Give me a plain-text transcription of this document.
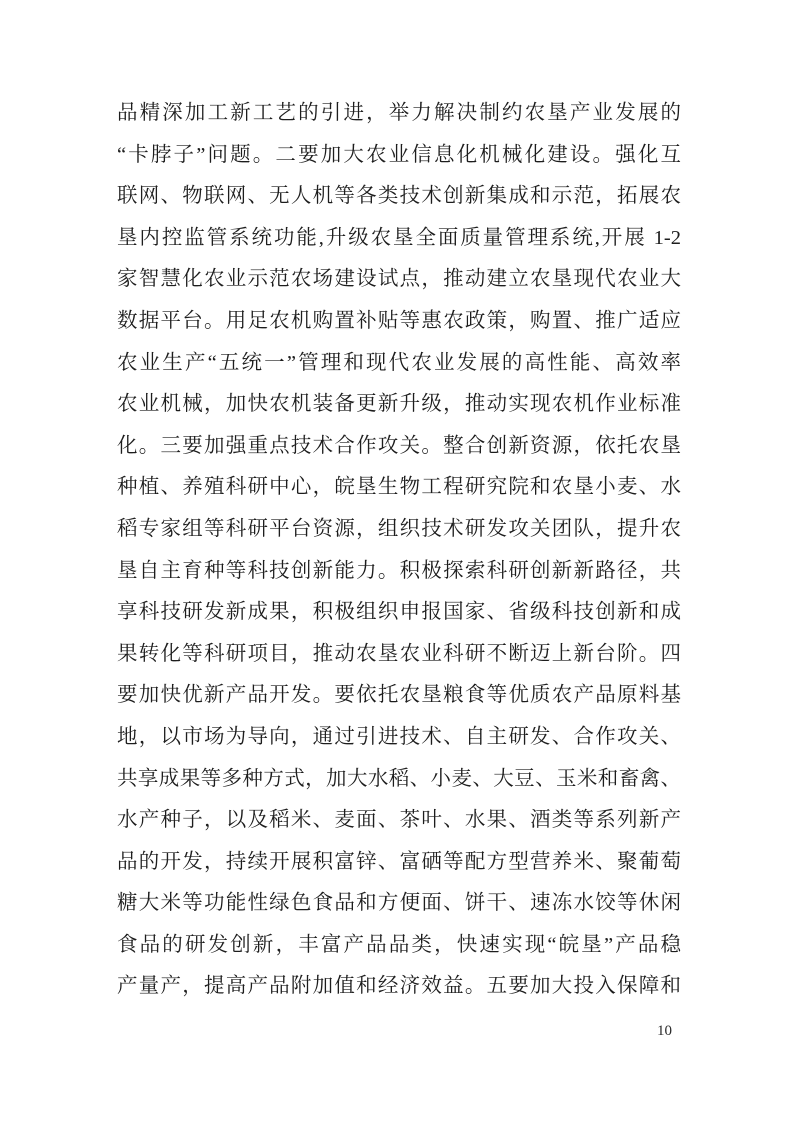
品精深加工新工艺的引进，举力解决制约农垦产业发展的
“卡脖子”问题。二要加大农业信息化机械化建设。强化互
联网、物联网、无人机等各类技术创新集成和示范，拓展农
垦内控监管系统功能,升级农垦全面质量管理系统,开展 1-2
家智慧化农业示范农场建设试点，推动建立农垦现代农业大
数据平台。用足农机购置补贴等惠农政策，购置、推广适应
农业生产“五统一”管理和现代农业发展的高性能、高效率
农业机械，加快农机装备更新升级，推动实现农机作业标准
化。三要加强重点技术合作攻关。整合创新资源，依托农垦
种植、养殖科研中心，皖垦生物工程研究院和农垦小麦、水
稻专家组等科研平台资源，组织技术研发攻关团队，提升农
垦自主育种等科技创新能力。积极探索科研创新新路径，共
享科技研发新成果，积极组织申报国家、省级科技创新和成
果转化等科研项目，推动农垦农业科研不断迈上新台阶。四
要加快优新产品开发。要依托农垦粮食等优质农产品原料基
地，以市场为导向，通过引进技术、自主研发、合作攻关、
共享成果等多种方式，加大水稻、小麦、大豆、玉米和畜禽、
水产种子，以及稻米、麦面、茶叶、水果、酒类等系列新产
品的开发，持续开展积富锌、富硒等配方型营养米、聚葡萄
糖大米等功能性绿色食品和方便面、饼干、速冻水饺等休闲
食品的研发创新，丰富产品品类，快速实现“皖垦”产品稳
产量产，提高产品附加值和经济效益。五要加大投入保障和
10
